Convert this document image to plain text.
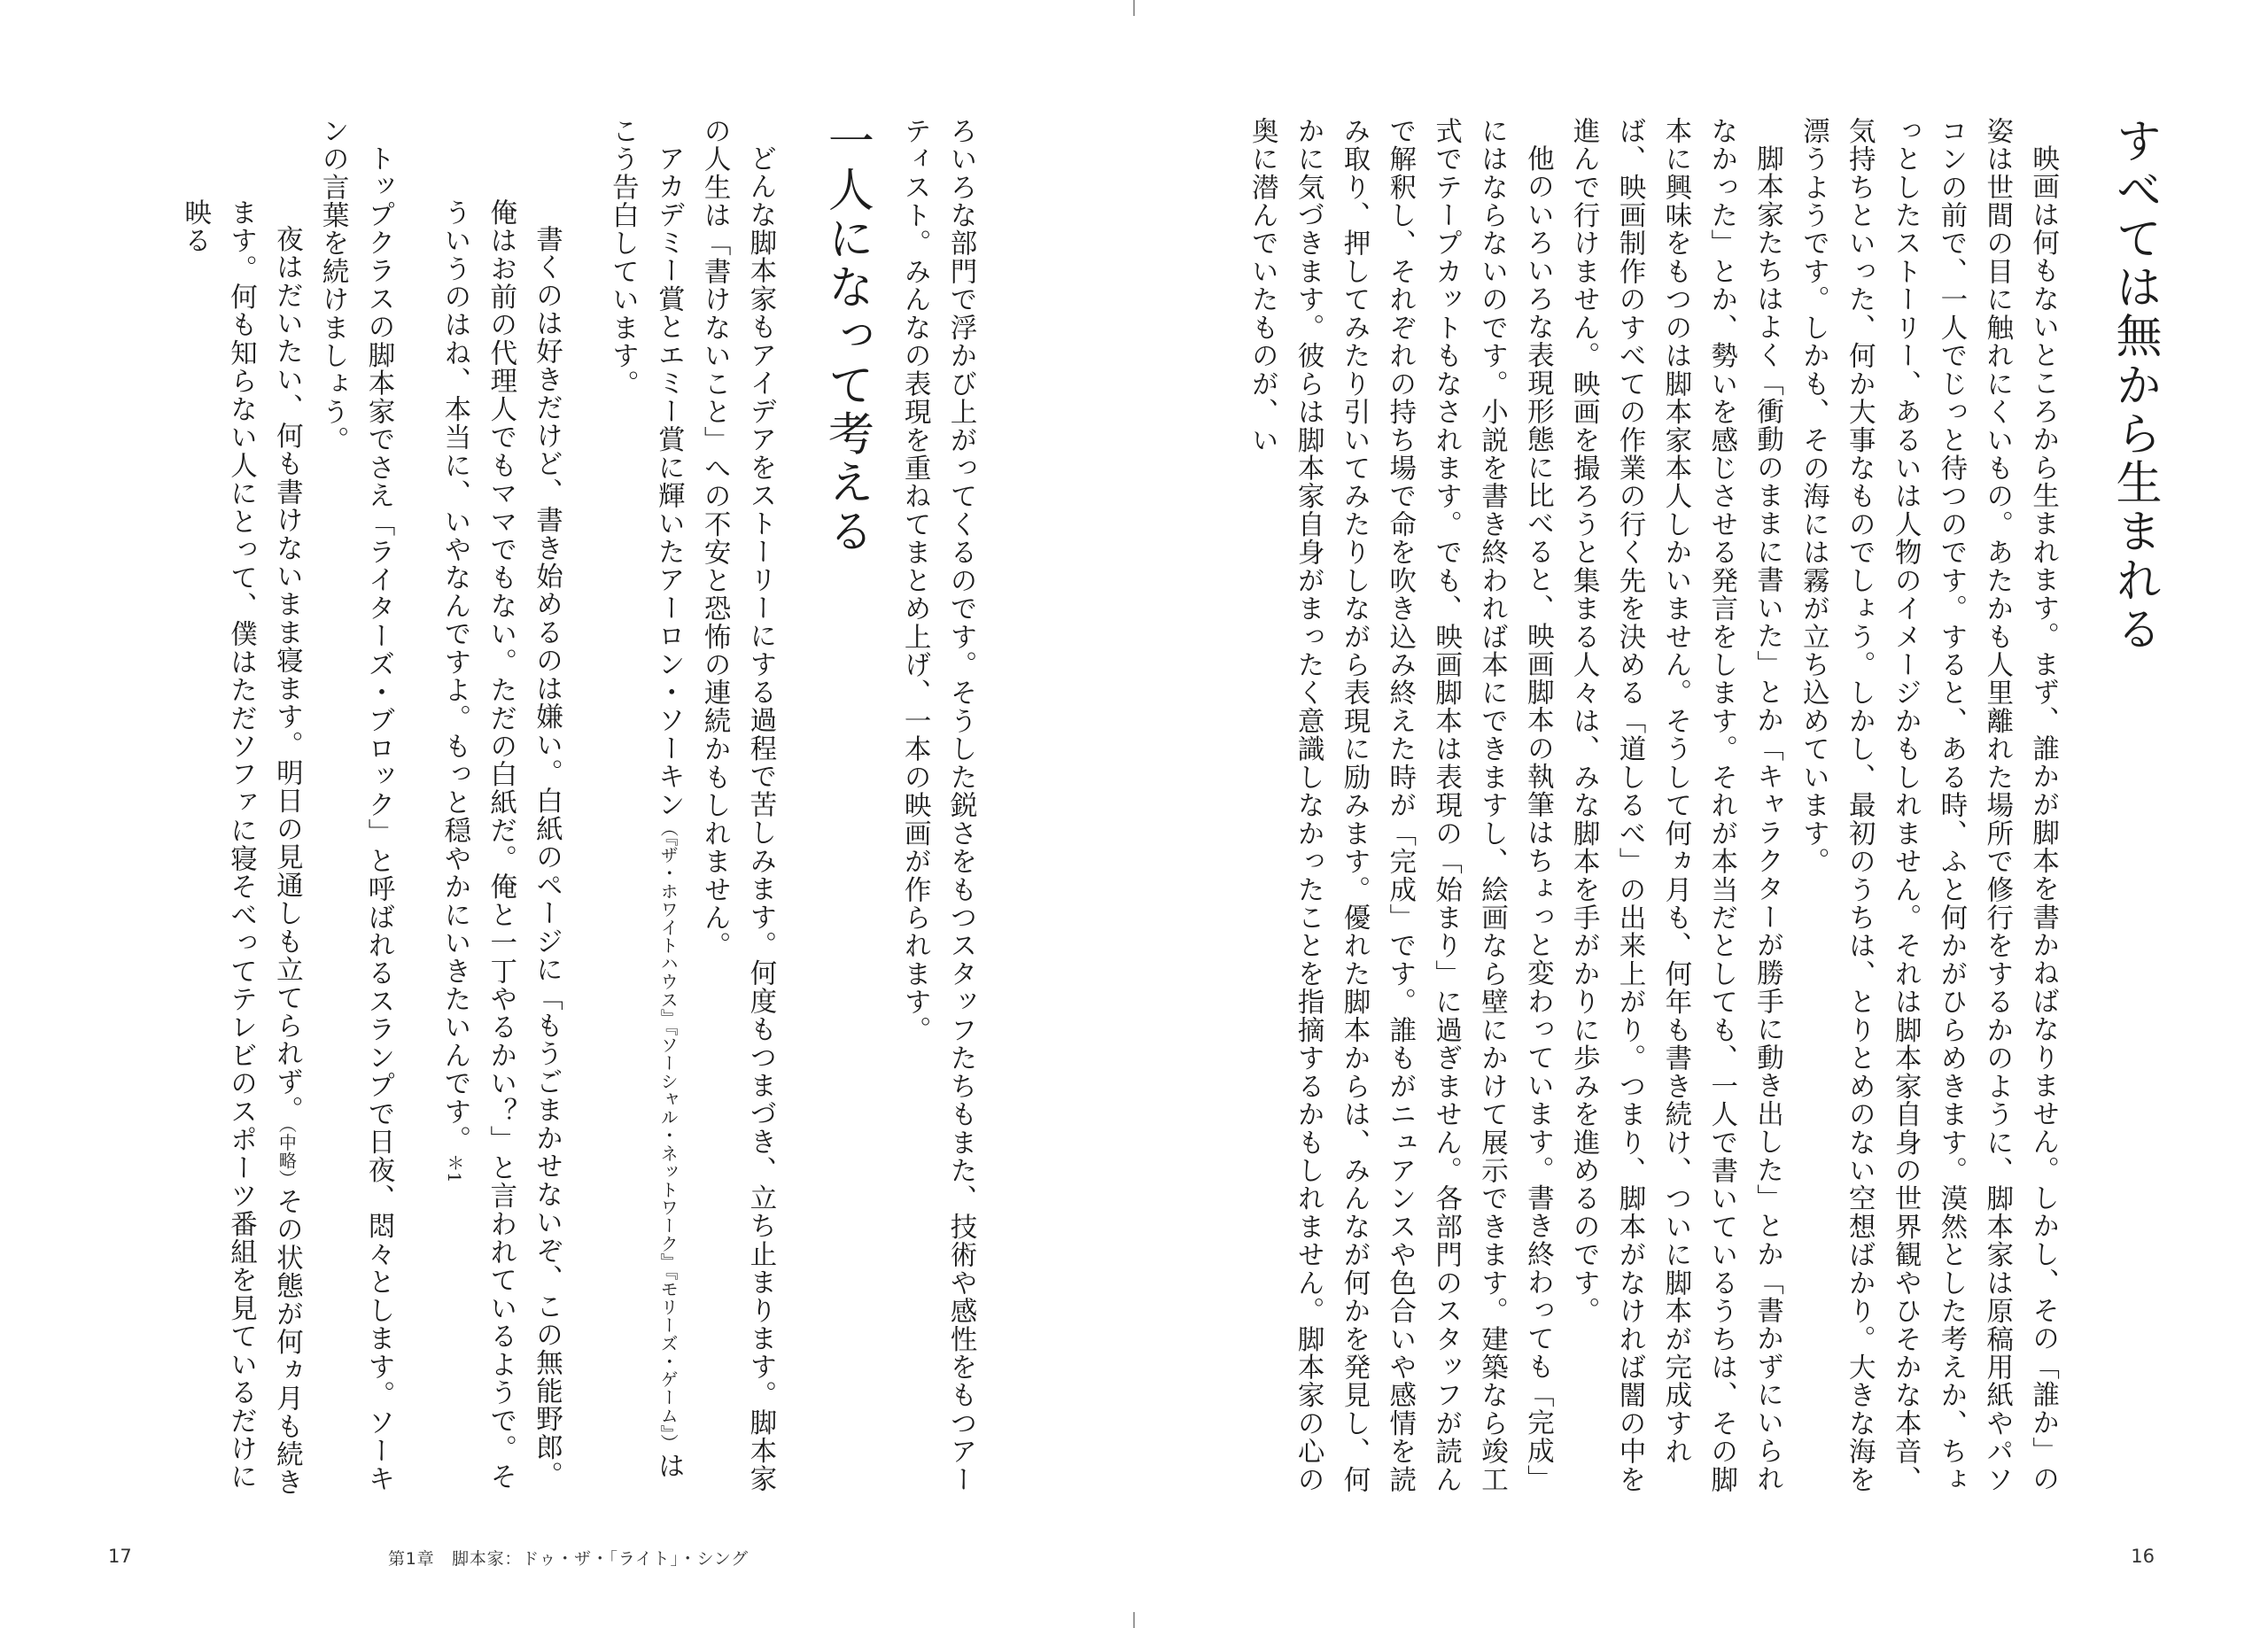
すべては無から生まれる

映画は何もないところから生まれます。まず、誰かが脚本を書かねばなりません。しかし、その「誰か」の姿は世間の目に触れにくいもの。あたかも人里離れた場所で修行をするかのように、脚本家は原稿用紙やパソコンの前で、一人でじっと待つのです。すると、ある時、ふと何かがひらめきます。漠然とした考えか、ちょっとしたストーリー、あるいは人物のイメージかもしれません。それは脚本家自身の世界観やひそかな本音、気持ちといった、何か大事なものでしょう。しかし、最初のうちは、とりとめのない空想ばかり。大きな海を漂うようです。しかも、その海には霧が立ち込めています。

脚本家たちはよく「衝動のままに書いた」とか「キャラクターが勝手に動き出した」とか「書かずにいられなかった」とか、勢いを感じさせる発言をします。それが本当だとしても、一人で書いているうちは、その脚本に興味をもつのは脚本家本人しかいません。そうして何ヵ月も、何年も書き続け、ついに脚本が完成すれば、映画制作のすべての作業の行く先を決める「道しるべ」の出来上がり。つまり、脚本がなければ闇の中を進んで行けません。映画を撮ろうと集まる人々は、みな脚本を手がかりに歩みを進めるのです。

他のいろいろな表現形態に比べると、映画脚本の執筆はちょっと変わっています。書き終わっても「完成」にはならないのです。小説を書き終われば本にできますし、絵画なら壁にかけて展示できます。建築なら竣工式でテープカットもなされます。でも、映画脚本は表現の「始まり」に過ぎません。各部門のスタッフが読んで解釈し、それぞれの持ち場で命を吹き込み終えた時が「完成」です。誰もがニュアンスや色合いや感情を読み取り、押してみたり引いてみたりしながら表現に励みます。優れた脚本からは、みんなが何かを発見し、何かに気づきます。彼らは脚本家自身がまったく意識しなかったことを指摘するかもしれません。脚本家の心の奥に潜んでいたものが、い

16

ろいろな部門で浮かび上がってくるのです。そうした鋭さをもつスタッフたちもまた、技術や感性をもつアーティスト。みんなの表現を重ねてまとめ上げ、一本の映画が作られます。

一人になって考える

どんな脚本家もアイデアをストーリーにする過程で苦しみます。何度もつまづき、立ち止まります。脚本家の人生は「書けないこと」への不安と恐怖の連続かもしれません。

アカデミー賞とエミー賞に輝いたアーロン・ソーキン（『ザ・ホワイトハウス』『ソーシャル・ネットワーク』『モリーズ・ゲーム』）はこう告白しています。

書くのは好きだけど、書き始めるのは嫌い。白紙のページに「もうごまかせないぞ、この無能野郎。俺はお前の代理人でもママでもない。ただの白紙だ。俺と一丁やるかい？」と言われているようで。そういうのはね、本当に、いやなんですよ。もっと穏やかにいきたいんです。＊1

トップクラスの脚本家でさえ「ライターズ・ブロック」と呼ばれるスランプで日夜、悶々とします。ソーキンの言葉を続けましょう。

夜はだいたい、何も書けないまま寝ます。明日の見通しも立てられず。（中略）その状態が何ヵ月も続きます。何も知らない人にとって、僕はただソファに寝そべってテレビのスポーツ番組を見ているだけに映る

17	第1章　脚本家：ドゥ・ザ・「ライト」・シング
